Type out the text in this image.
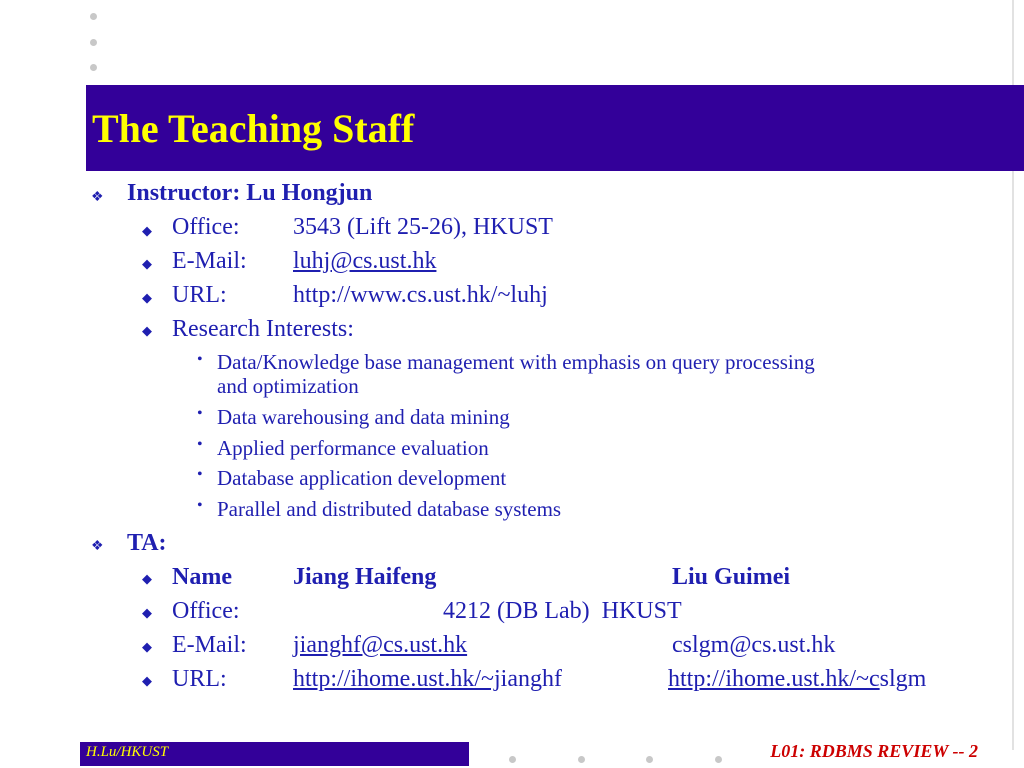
The Teaching Staff
❖ Instructor: Lu Hongjun
◆ Office: 3543 (Lift 25-26), HKUST
◆ E-Mail: luhj@cs.ust.hk
◆ URL:	http://www.cs.ust.hk/~luhj
◆ Research Interests:
• Data/Knowledge base management with emphasis on query processing
and optimization
• Data warehousing and data mining
• Applied performance evaluation
• Database application development
• Parallel and distributed database systems
❖ TA:
◆ Name	Jiang Haifeng	Liu Guimei
◆ Office:	4212 (DB Lab)  HKUST
◆ E-Mail: jianghf@cs.ust.hk	cslgm@cs.ust.hk
◆ URL:	http://ihome.ust.hk/~jianghf	http://ihome.ust.hk/~cslgm
H.Lu/HKUST	L01: RDBMS REVIEW -- 2
